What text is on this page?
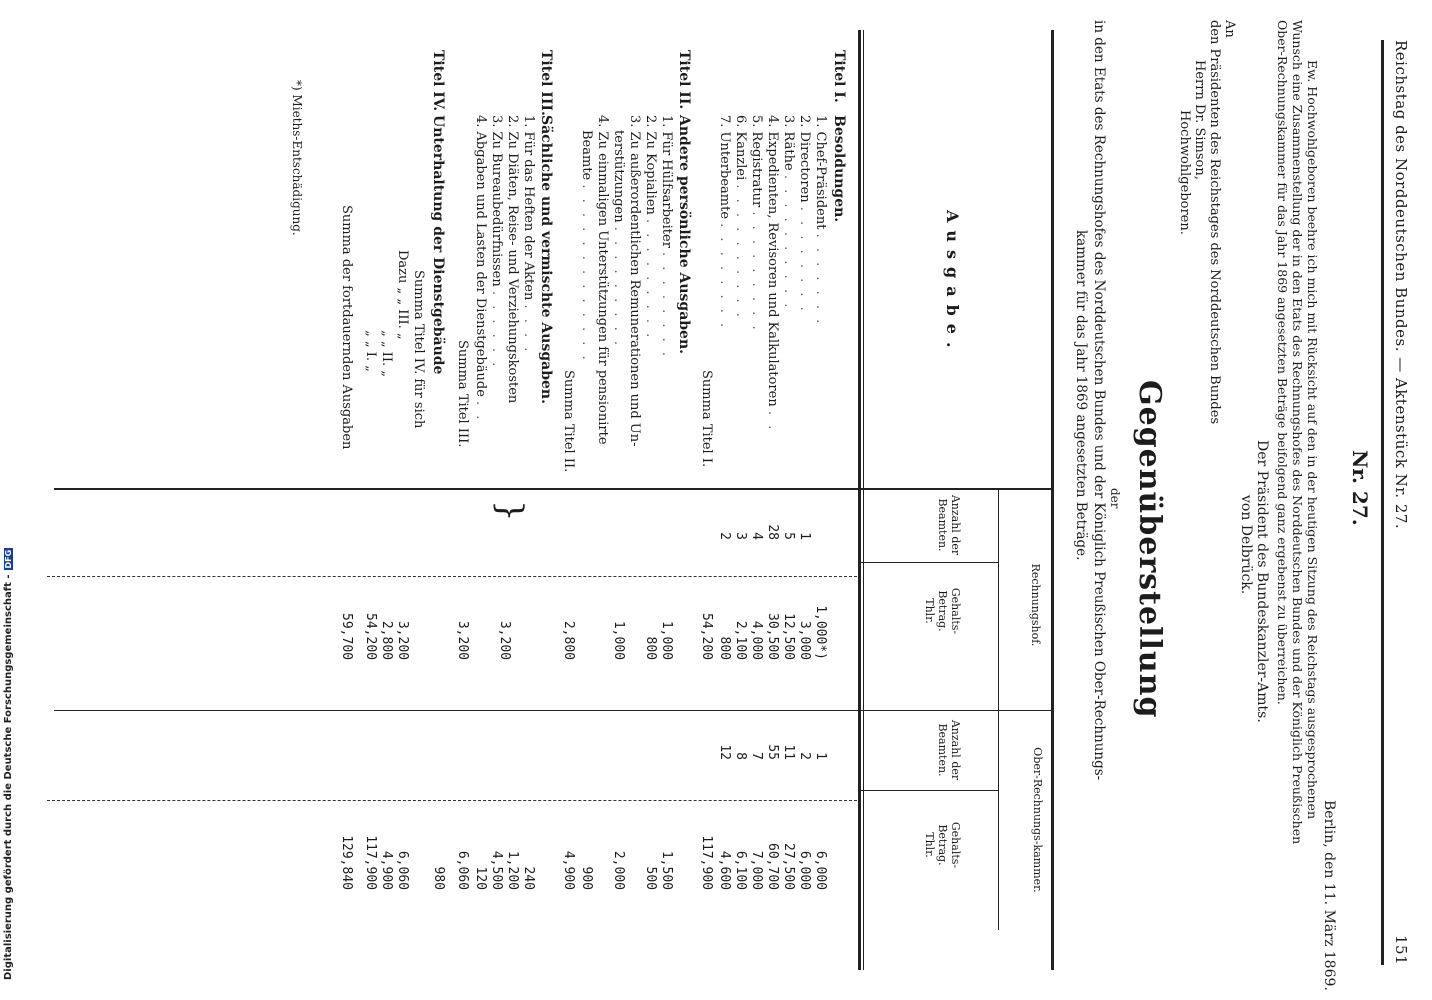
Reichstag des Norddeutschen Bundes. — Aktenstück Nr. 27.
151
Nr. 27.
Berlin, den 11. März 1869.
Ew. Hochwohlgeboren beehre ich mich mit Rücksicht auf den in der heutigen Sitzung des Reichstags ausgesprochenen
Wunsch eine Zusammenstellung der in den Etats des Rechnungshofes des Norddeutschen Bundes und der Königlich Preußischen
Ober-Rechnungskammer für das Jahr 1869 angesetzten Beträge beifolgend ganz ergebenst zu überreichen.
Der Präsident des Bundeskanzler-Amts.
von Delbrück.
An
den Präsidenten des Reichstages des Norddeutschen Bundes
Herrn Dr. Simson,
Hochwohlgeboren.
Gegenüberstellung
der
in den Etats des Rechnungshofes des Norddeutschen Bundes und der Königlich Preußischen Ober-Rechnungs-
kammer für das Jahr 1869 angesetzten Beträge.
Ausgabe.
Rechnungshof.
Ober-Rechnungs-kammer.
Anzahl der Beamten.
Gehalts-Betrag. Thlr.
Anzahl der Beamten.
Gehalts-Betrag. Thlr.
Titel I.
Besoldungen.
1. Chef-Präsident . . . . . . .
1,000*)
1
6,000
2. Directoren . . . . . . . .
1
3,000
2
6,000
3. Räthe . . . . . . . . . .
5
12,500
11
27,500
4. Expedienten, Revisoren und Kalkulatoren . .
28
30,500
55
60,700
5. Registratur . . . . . . . . .
4
4,000
7
7,000
6. Kanzlei . . . . . . . . . .
3
2,100
8
6,100
7. Unterbeamte . . . . . . . .
2
800
12
4,600
Summa Titel I.
54,200
117,900
Titel II.
Andere persönliche Ausgaben.
1. Für Hülfsarbeiter . . . . . . . .
1,000
1,500
2. Zu Kopialien . . . . . . . . .
800
500
3. Zu außerordentlichen Remunerationen und Un-
terstützungen . . . . . . . . .
1,000
2,000
4. Zu einmaligen Unterstützungen für pensionirte
Beamte . . . . . . . . . . . . .
900
Summa Titel II.
2,800
4,900
Titel III.
Sächliche und vermischte Ausgaben.
1. Für das Heften der Akten . . . .
240
2. Zu Diäten, Reise- und Verziehungskosten
}
3,200
1,200
3. Zu Bureaubedürfnissen . . . . . .
4,500
4. Abgaben und Lasten der Dienstgebäude . .
120
Summa Titel III.
3,200
6,060
Titel IV.
Unterhaltung der Dienstgebäude
980
Summa Titel IV. für sich
Dazu „ „ III. „
3,200
6,060
„ „ II. „
2,800
4,900
„ „ I. „
54,200
117,900
Summa der fortdauernden Ausgaben
59,700
129,840
*) Mieths-Entschädigung.
Digitalisierung gefördert durch die Deutsche Forschungsgemeinschaft -DFG
